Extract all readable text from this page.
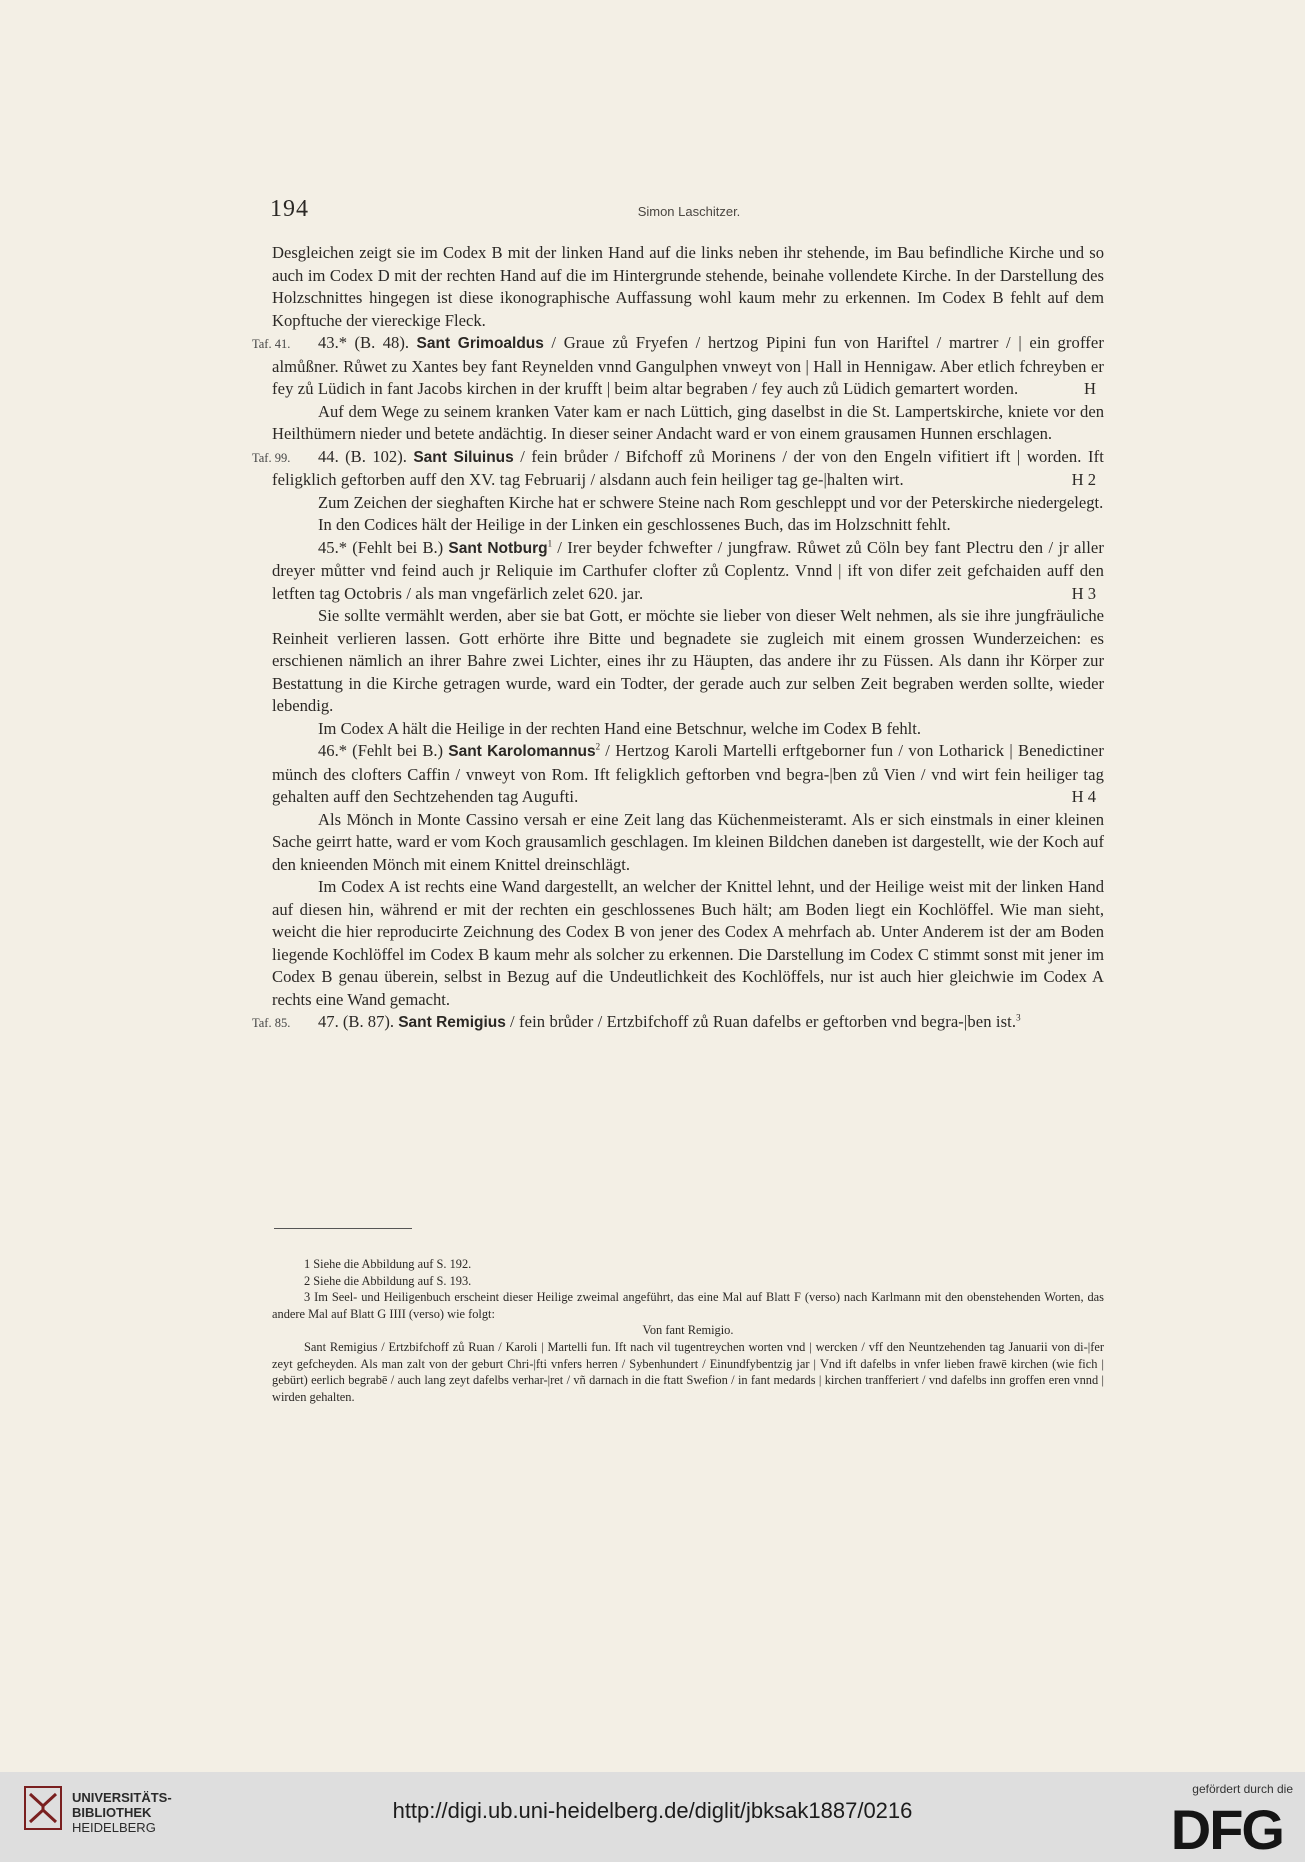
194	Simon Laschitzer.

Desgleichen zeigt sie im Codex B mit der linken Hand auf die links neben ihr stehende, im Bau befindliche Kirche und so auch im Codex D mit der rechten Hand auf die im Hintergrunde stehende, beinahe vollendete Kirche. In der Darstellung des Holzschnittes hingegen ist diese ikonographische Auffassung wohl kaum mehr zu erkennen. Im Codex B fehlt auf dem Kopftuche der viereckige Fleck.

Taf. 41. 43.* (B. 48). Sant Grimoaldus / Graue zů Fryefen / hertzog Pipini fun von Hariftel / martrer / | ein groffer almůßner. Růwet zu Xantes bey fant Reynelden vnnd Gangulphen vnweyt von | Hall in Hennigaw. Aber etlich fchreyben er fey zů Lüdich in fant Jacobs kirchen in der krufft | beim altar begraben / fey auch zů Lüdich gemartert worden.	H

Auf dem Wege zu seinem kranken Vater kam er nach Lüttich, ging daselbst in die St. Lampertskirche, kniete vor den Heilthümern nieder und betete andächtig. In dieser seiner Andacht ward er von einem grausamen Hunnen erschlagen.

Taf. 99. 44. (B. 102). Sant Siluinus / fein brůder / Bifchoff zů Morinens / der von den Engeln vifitiert ift | worden. Ift feligklich geftorben auff den XV. tag Februarij / alsdann auch fein heiliger tag ge-|halten wirt.	H 2

Zum Zeichen der sieghaften Kirche hat er schwere Steine nach Rom geschleppt und vor der Peterskirche niedergelegt.

In den Codices hält der Heilige in der Linken ein geschlossenes Buch, das im Holzschnitt fehlt.

45.* (Fehlt bei B.) Sant Notburg$^1$ / Irer beyder fchwefter / jungfraw. Růwet zů Cöln bey fant Plectru den / jr aller dreyer můtter vnd feind auch jr Reliquie im Carthufer clofter zů Coplentz. Vnnd | ift von difer zeit gefchaiden auff den letften tag Octobris / als man vngefärlich zelet 620. jar.	H 3

Sie sollte vermählt werden, aber sie bat Gott, er möchte sie lieber von dieser Welt nehmen, als sie ihre jungfräuliche Reinheit verlieren lassen. Gott erhörte ihre Bitte und begnadete sie zugleich mit einem grossen Wunderzeichen: es erschienen nämlich an ihrer Bahre zwei Lichter, eines ihr zu Häupten, das andere ihr zu Füssen. Als dann ihr Körper zur Bestattung in die Kirche getragen wurde, ward ein Todter, der gerade auch zur selben Zeit begraben werden sollte, wieder lebendig.

Im Codex A hält die Heilige in der rechten Hand eine Betschnur, welche im Codex B fehlt.

46.* (Fehlt bei B.) Sant Karolomannus$^2$ / Hertzog Karoli Martelli erftgeborner fun / von Lotharick | Benedictiner münch des clofters Caffin / vnweyt von Rom. Ift feligklich geftorben vnd begra-|ben zů Vien / vnd wirt fein heiliger tag gehalten auff den Sechtzehenden tag Augufti.	H 4

Als Mönch in Monte Cassino versah er eine Zeit lang das Küchenmeisteramt. Als er sich einstmals in einer kleinen Sache geirrt hatte, ward er vom Koch grausamlich geschlagen. Im kleinen Bildchen daneben ist dargestellt, wie der Koch auf den knieenden Mönch mit einem Knittel dreinschlägt.

Im Codex A ist rechts eine Wand dargestellt, an welcher der Knittel lehnt, und der Heilige weist mit der linken Hand auf diesen hin, während er mit der rechten ein geschlossenes Buch hält; am Boden liegt ein Kochlöffel. Wie man sieht, weicht die hier reproducirte Zeichnung des Codex B von jener des Codex A mehrfach ab. Unter Anderem ist der am Boden liegende Kochlöffel im Codex B kaum mehr als solcher zu erkennen. Die Darstellung im Codex C stimmt sonst mit jener im Codex B genau überein, selbst in Bezug auf die Undeutlichkeit des Kochlöffels, nur ist auch hier gleichwie im Codex A rechts eine Wand gemacht.

Taf. 85. 47. (B. 87). Sant Remigius / fein brůder / Ertzbifchoff zů Ruan dafelbs er geftorben vnd begra-|ben ist.$^3$

1 Siehe die Abbildung auf S. 192.

2 Siehe die Abbildung auf S. 193.

3 Im Seel- und Heiligenbuch erscheint dieser Heilige zweimal angeführt, das eine Mal auf Blatt F (verso) nach Karlmann mit den obenstehenden Worten, das andere Mal auf Blatt G IIII (verso) wie folgt:

Von fant Remigio.

Sant Remigius / Ertzbifchoff zů Ruan / Karoli | Martelli fun. Ift nach vil tugentreychen worten vnd | wercken / vff den Neuntzehenden tag Januarii von di-|fer zeyt gefcheyden. Als man zalt von der geburt Chri-|fti vnfers herren / Sybenhundert / Einundfybentzig jar | Vnd ift dafelbs in vnfer lieben frawē kirchen (wie fich | gebürt) eerlich begrabē / auch lang zeyt dafelbs verhar-|ret / vñ darnach in die ftatt Swefion / in fant medards | kirchen tranfferiert / vnd dafelbs inn groffen eren vnnd | wirden gehalten.

UNIVERSITÄTS-
BIBLIOTHEK
HEIDELBERG
http://digi.ub.uni-heidelberg.de/diglit/jbksak1887/0216
gefördert durch die
DFG
